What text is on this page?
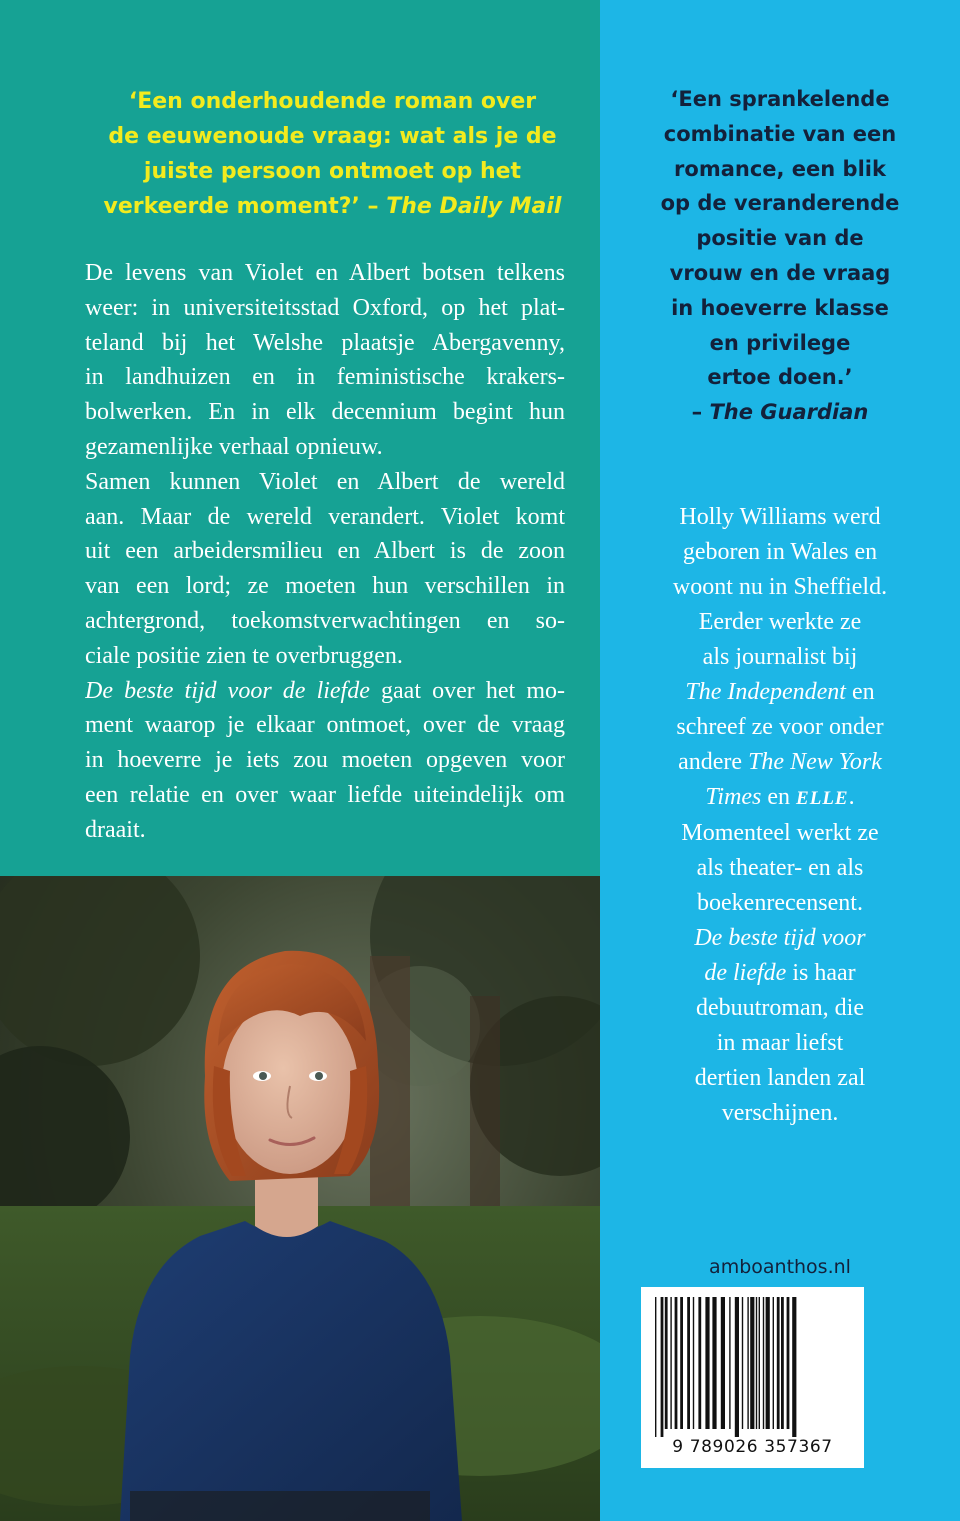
‘Een onderhoudende roman over
de eeuwenoude vraag: wat als je de
juiste persoon ontmoet op het
verkeerde moment?’ – The Daily Mail
De levens van Violet en Albert botsen telkens
weer: in universiteitsstad Oxford, op het plat-
teland bij het Welshe plaatsje Abergavenny,
in landhuizen en in feministische krakers-
bolwerken. En in elk decennium begint hun
gezamenlijke verhaal opnieuw.
Samen kunnen Violet en Albert de wereld
aan. Maar de wereld verandert. Violet komt
uit een arbeidersmilieu en Albert is de zoon
van een lord; ze moeten hun verschillen in
achtergrond, toekomstverwachtingen en so-
ciale positie zien te overbruggen.
De beste tijd voor de liefde gaat over het mo-
ment waarop je elkaar ontmoet, over de vraag
in hoeverre je iets zou moeten opgeven voor
een relatie en over waar liefde uiteindelijk om
draait.
‘Een sprankelende
combinatie van een
romance, een blik
op de veranderende
positie van de
vrouw en de vraag
in hoeverre klasse
en privilege
ertoe doen.’
– The Guardian
Holly Williams werd
geboren in Wales en
woont nu in Sheffield.
Eerder werkte ze
als journalist bij
The Independent en
schreef ze voor onder
andere The New York
Times en ELLE.
Momenteel werkt ze
als theater- en als
boekenrecensent.
De beste tijd voor
de liefde is haar
debuutroman, die
in maar liefst
dertien landen zal
verschijnen.
amboanthos.nl
9 789026 357367
